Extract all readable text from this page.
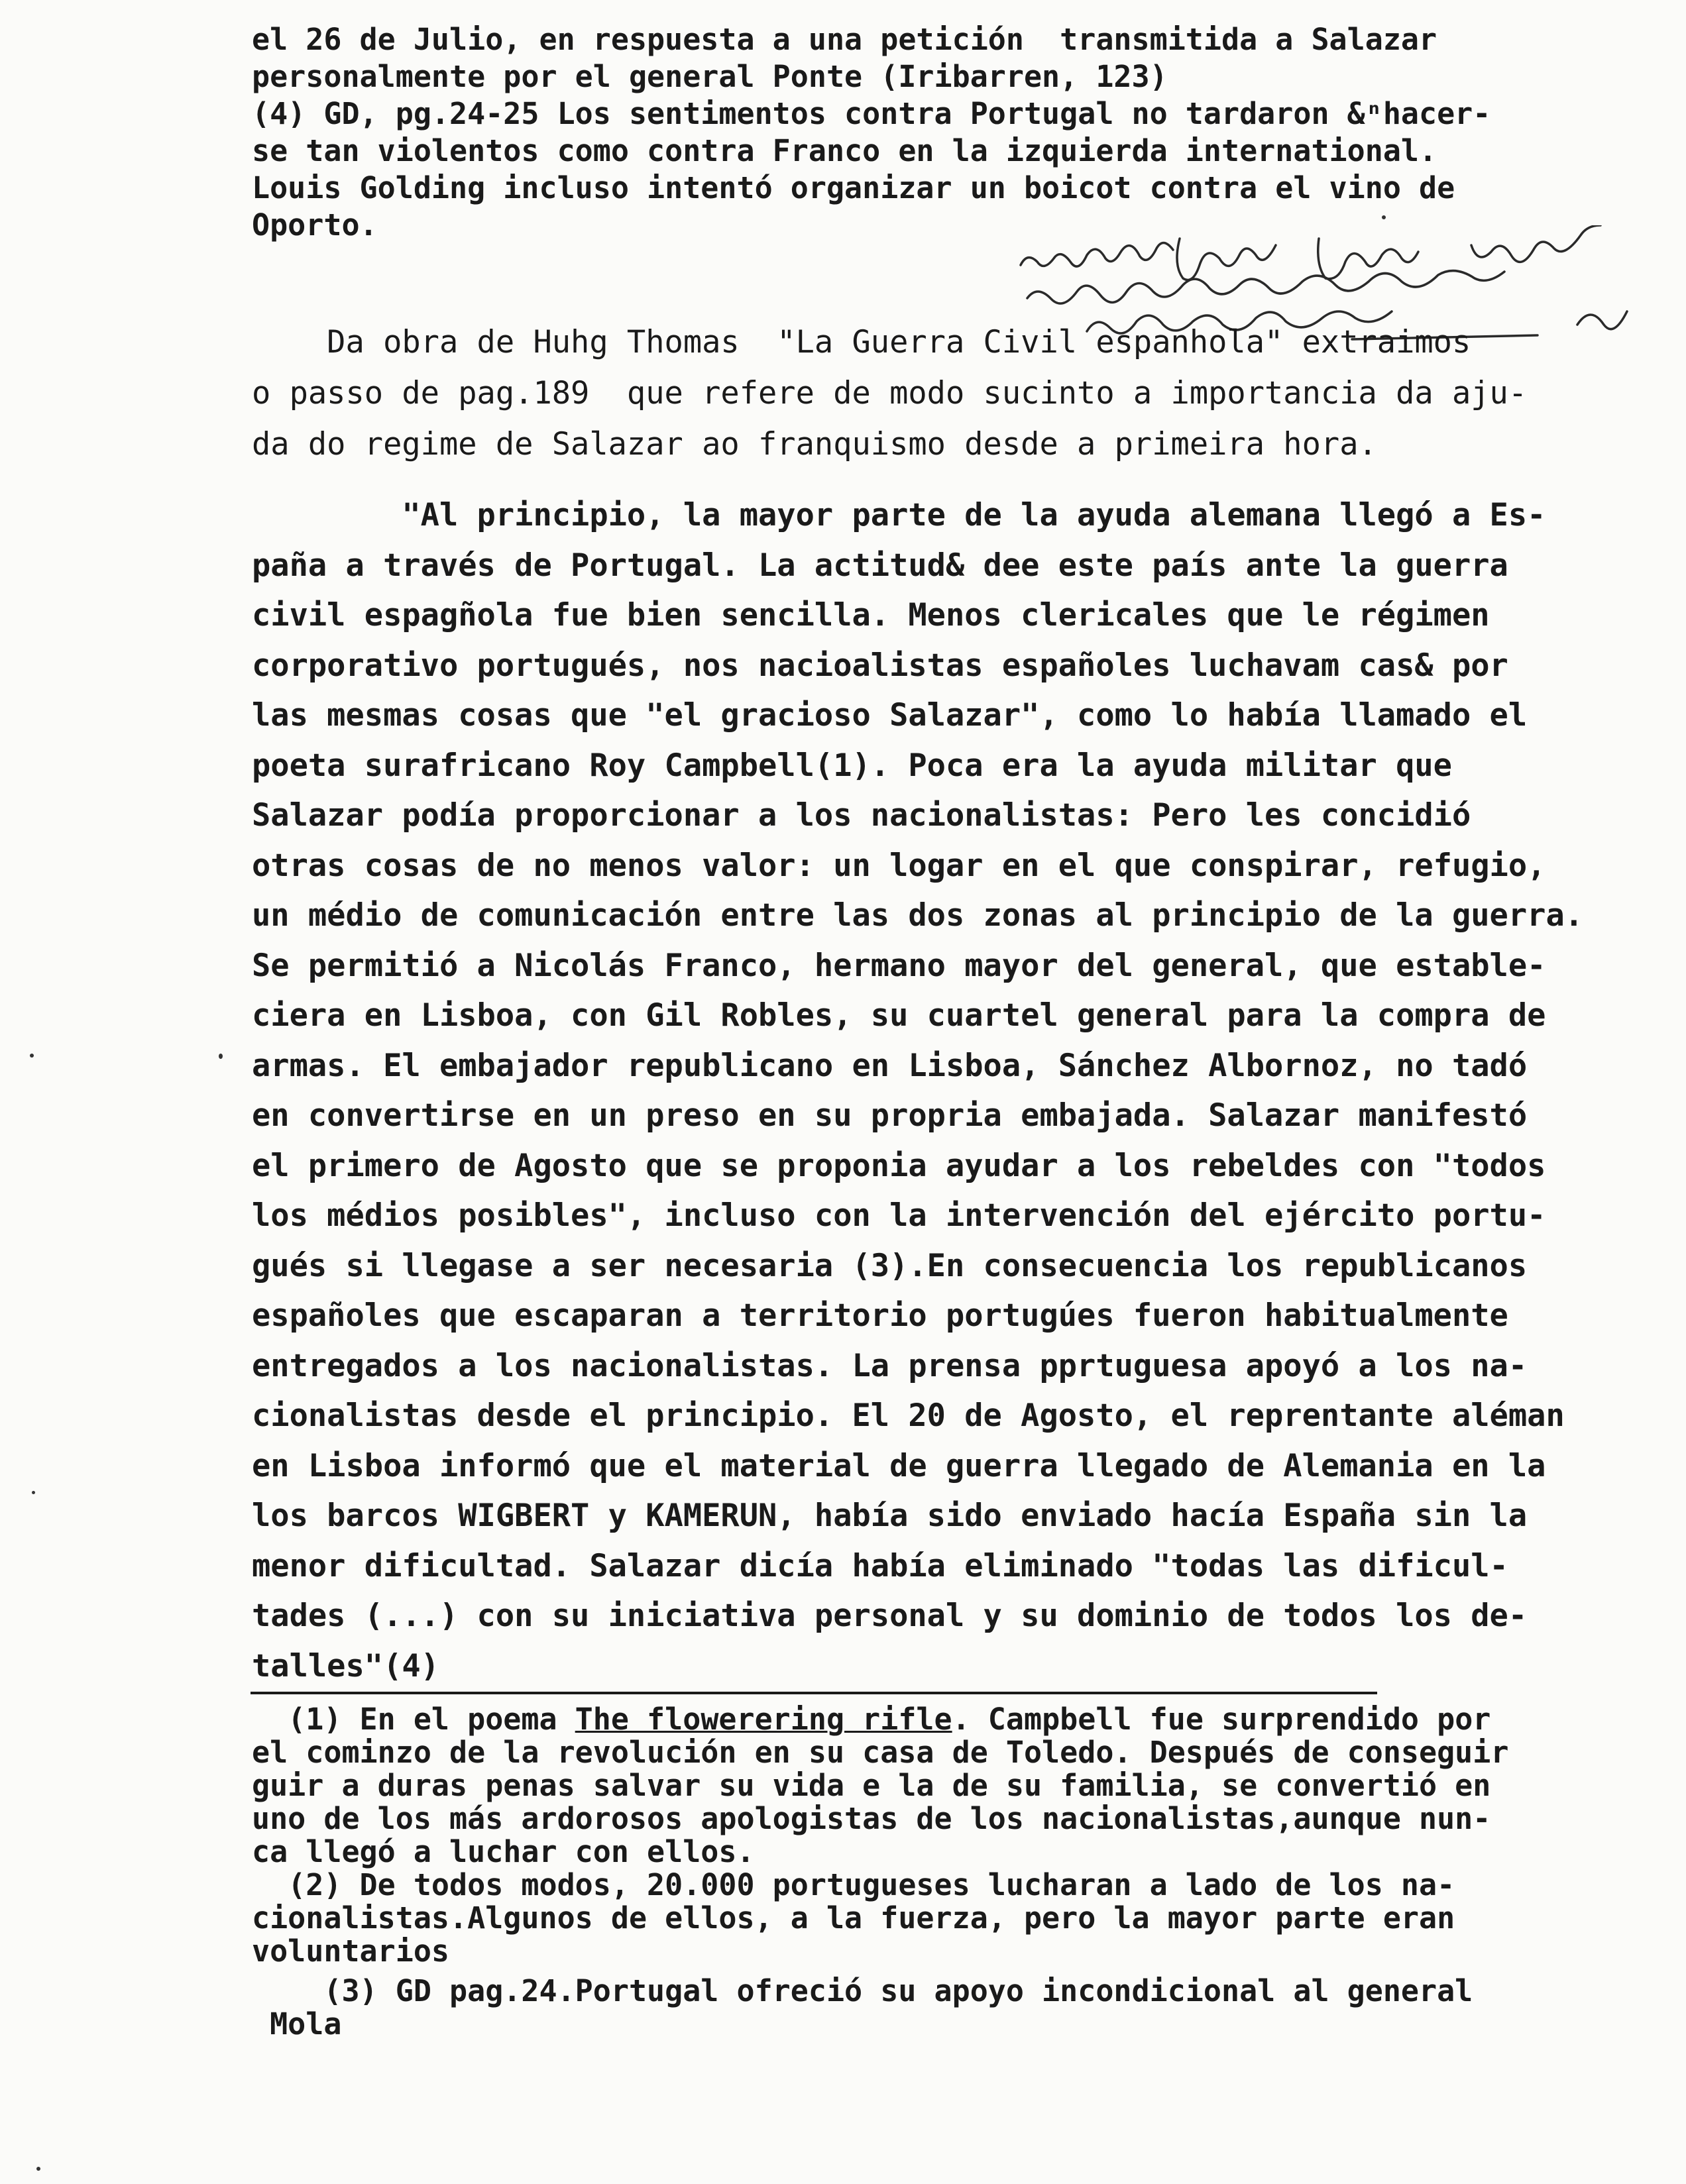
el 26 de Julio, en respuesta a una petición  transmitida a Salazar
personalmente por el general Ponte (Iribarren, 123)
(4) GD, pg.24-25 Los sentimentos contra Portugal no tardaron &ⁿhacer-
se tan violentos como contra Franco en la izquierda international.
Louis Golding incluso intentó organizar un boicot contra el vino de
Oporto.
Da obra de Huhg Thomas  "La Guerra Civil espanhola" extraimos
o passo de pag.189  que refere de modo sucinto a importancia da aju-
da do regime de Salazar ao franquismo desde a primeira hora.
"Al principio, la mayor parte de la ayuda alemana llegó a Es-
paña a través de Portugal. La actitud& dee este país ante la guerra
civil espagñola fue bien sencilla. Menos clericales que le régimen
corporativo portugués, nos nacioalistas españoles luchavam cas& por
las mesmas cosas que "el gracioso Salazar", como lo había llamado el
poeta surafricano Roy Campbell(1). Poca era la ayuda militar que
Salazar podía proporcionar a los nacionalistas: Pero les concidió
otras cosas de no menos valor: un logar en el que conspirar, refugio,
un médio de comunicación entre las dos zonas al principio de la guerra.
Se permitió a Nicolás Franco, hermano mayor del general, que estable-
ciera en Lisboa, con Gil Robles, su cuartel general para la compra de
armas. El embajador republicano en Lisboa, Sánchez Albornoz, no tadó
en convertirse en un preso en su propria embajada. Salazar manifestó
el primero de Agosto que se proponia ayudar a los rebeldes con "todos
los médios posibles", incluso con la intervención del ejército portu-
gués si llegase a ser necesaria (3).En consecuencia los republicanos
españoles que escaparan a territorio portugúes fueron habitualmente
entregados a los nacionalistas. La prensa pprtuguesa apoyó a los na-
cionalistas desde el principio. El 20 de Agosto, el reprentante aléman
en Lisboa informó que el material de guerra llegado de Alemania en la
los barcos WIGBERT y KAMERUN, había sido enviado hacía España sin la
menor dificultad. Salazar dicía había eliminado "todas las dificul-
tades (...) con su iniciativa personal y su dominio de todos los de-
talles"(4)
(1) En el poema The flowerering rifle. Campbell fue surprendido por
el cominzo de la revolución en su casa de Toledo. Después de conseguir
guir a duras penas salvar su vida e la de su familia, se convertió en
uno de los más ardorosos apologistas de los nacionalistas,aunque nun-
ca llegó a luchar con ellos.
(2) De todos modos, 20.000 portugueses lucharan a lado de los na-
cionalistas.Algunos de ellos, a la fuerza, pero la mayor parte eran
voluntarios
(3) GD pag.24.Portugal ofreció su apoyo incondicional al general
Mola
